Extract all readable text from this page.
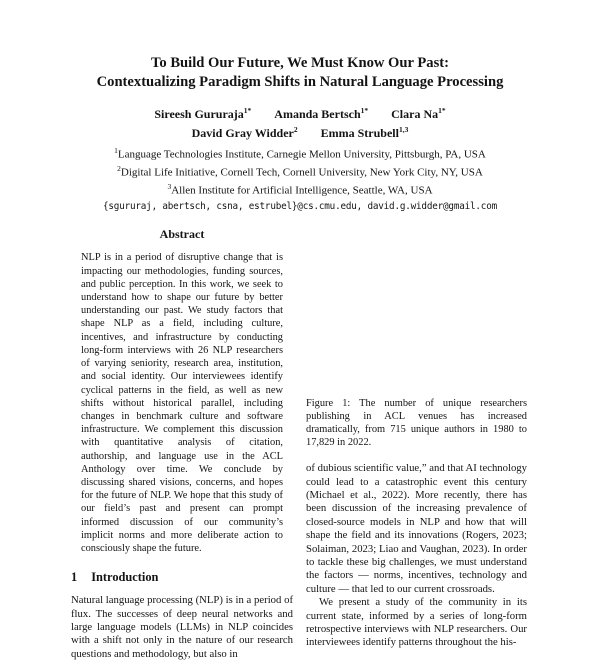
To Build Our Future, We Must Know Our Past:
Contextualizing Paradigm Shifts in Natural Language Processing
Sireesh Gururaja$^{1*}$ Amanda Bertsch$^{1*}$ Clara $Na^{1*}$
David Gray Widder$^2$ Emma Strubell$^{1,3}$
$^1$Language Technologies Institute, Carnegie Mellon University, Pittsburgh, PA, USA
$^2$Digital Life Initiative, Cornell Tech, Cornell University, New York City, NY, USA
$^3$Allen Institute for Artificial Intelligence, Seattle, WA, USA
{sgururaj, abertsch, csna, estrubel}@cs.cmu.edu, david.g.widder@gmail.com
Abstract

NLP is in a period of disruptive change that is impacting our methodologies, funding sources, and public perception. In this work, we seek to understand how to shape our future by better understanding our past. We study factors that shape NLP as a field, including culture, incentives, and infrastructure by conducting long-form interviews with 26 NLP researchers of varying seniority, research area, institution, and social identity. Our interviewees identify cyclical patterns in the field, as well as new shifts without historical parallel, including changes in benchmark culture and software infrastructure. We complement this discussion with quantitative analysis of citation, authorship, and language use in the ACL Anthology over time. We conclude by discussing shared visions, concerns, and hopes for the future of NLP. We hope that this study of our field’s past and present can prompt informed discussion of our community’s implicit norms and more deliberate action to consciously shape the future.

1 Introduction

Natural language processing (NLP) is in a period of flux. The successes of deep neural networks and large language models (LLMs) in NLP coincides with a shift not only in the nature of our research questions and methodology, but also in

Figure 1: The number of unique researchers publishing in ACL venues has increased dramatically, from 715 unique authors in 1980 to 17,829 in 2022.

of dubious scientific value,” and that AI technology could lead to a catastrophic event this century (Michael et al., 2022). More recently, there has been discussion of the increasing prevalence of closed-source models in NLP and how that will shape the field and its innovations (Rogers, 2023; Solaiman, 2023; Liao and Vaughan, 2023). In order to tackle these big challenges, we must understand the factors — norms, incentives, technology and culture — that led to our current crossroads.

We present a study of the community in its current state, informed by a series of long-form retrospective interviews with NLP researchers. Our interviewees identify patterns throughout the his-
